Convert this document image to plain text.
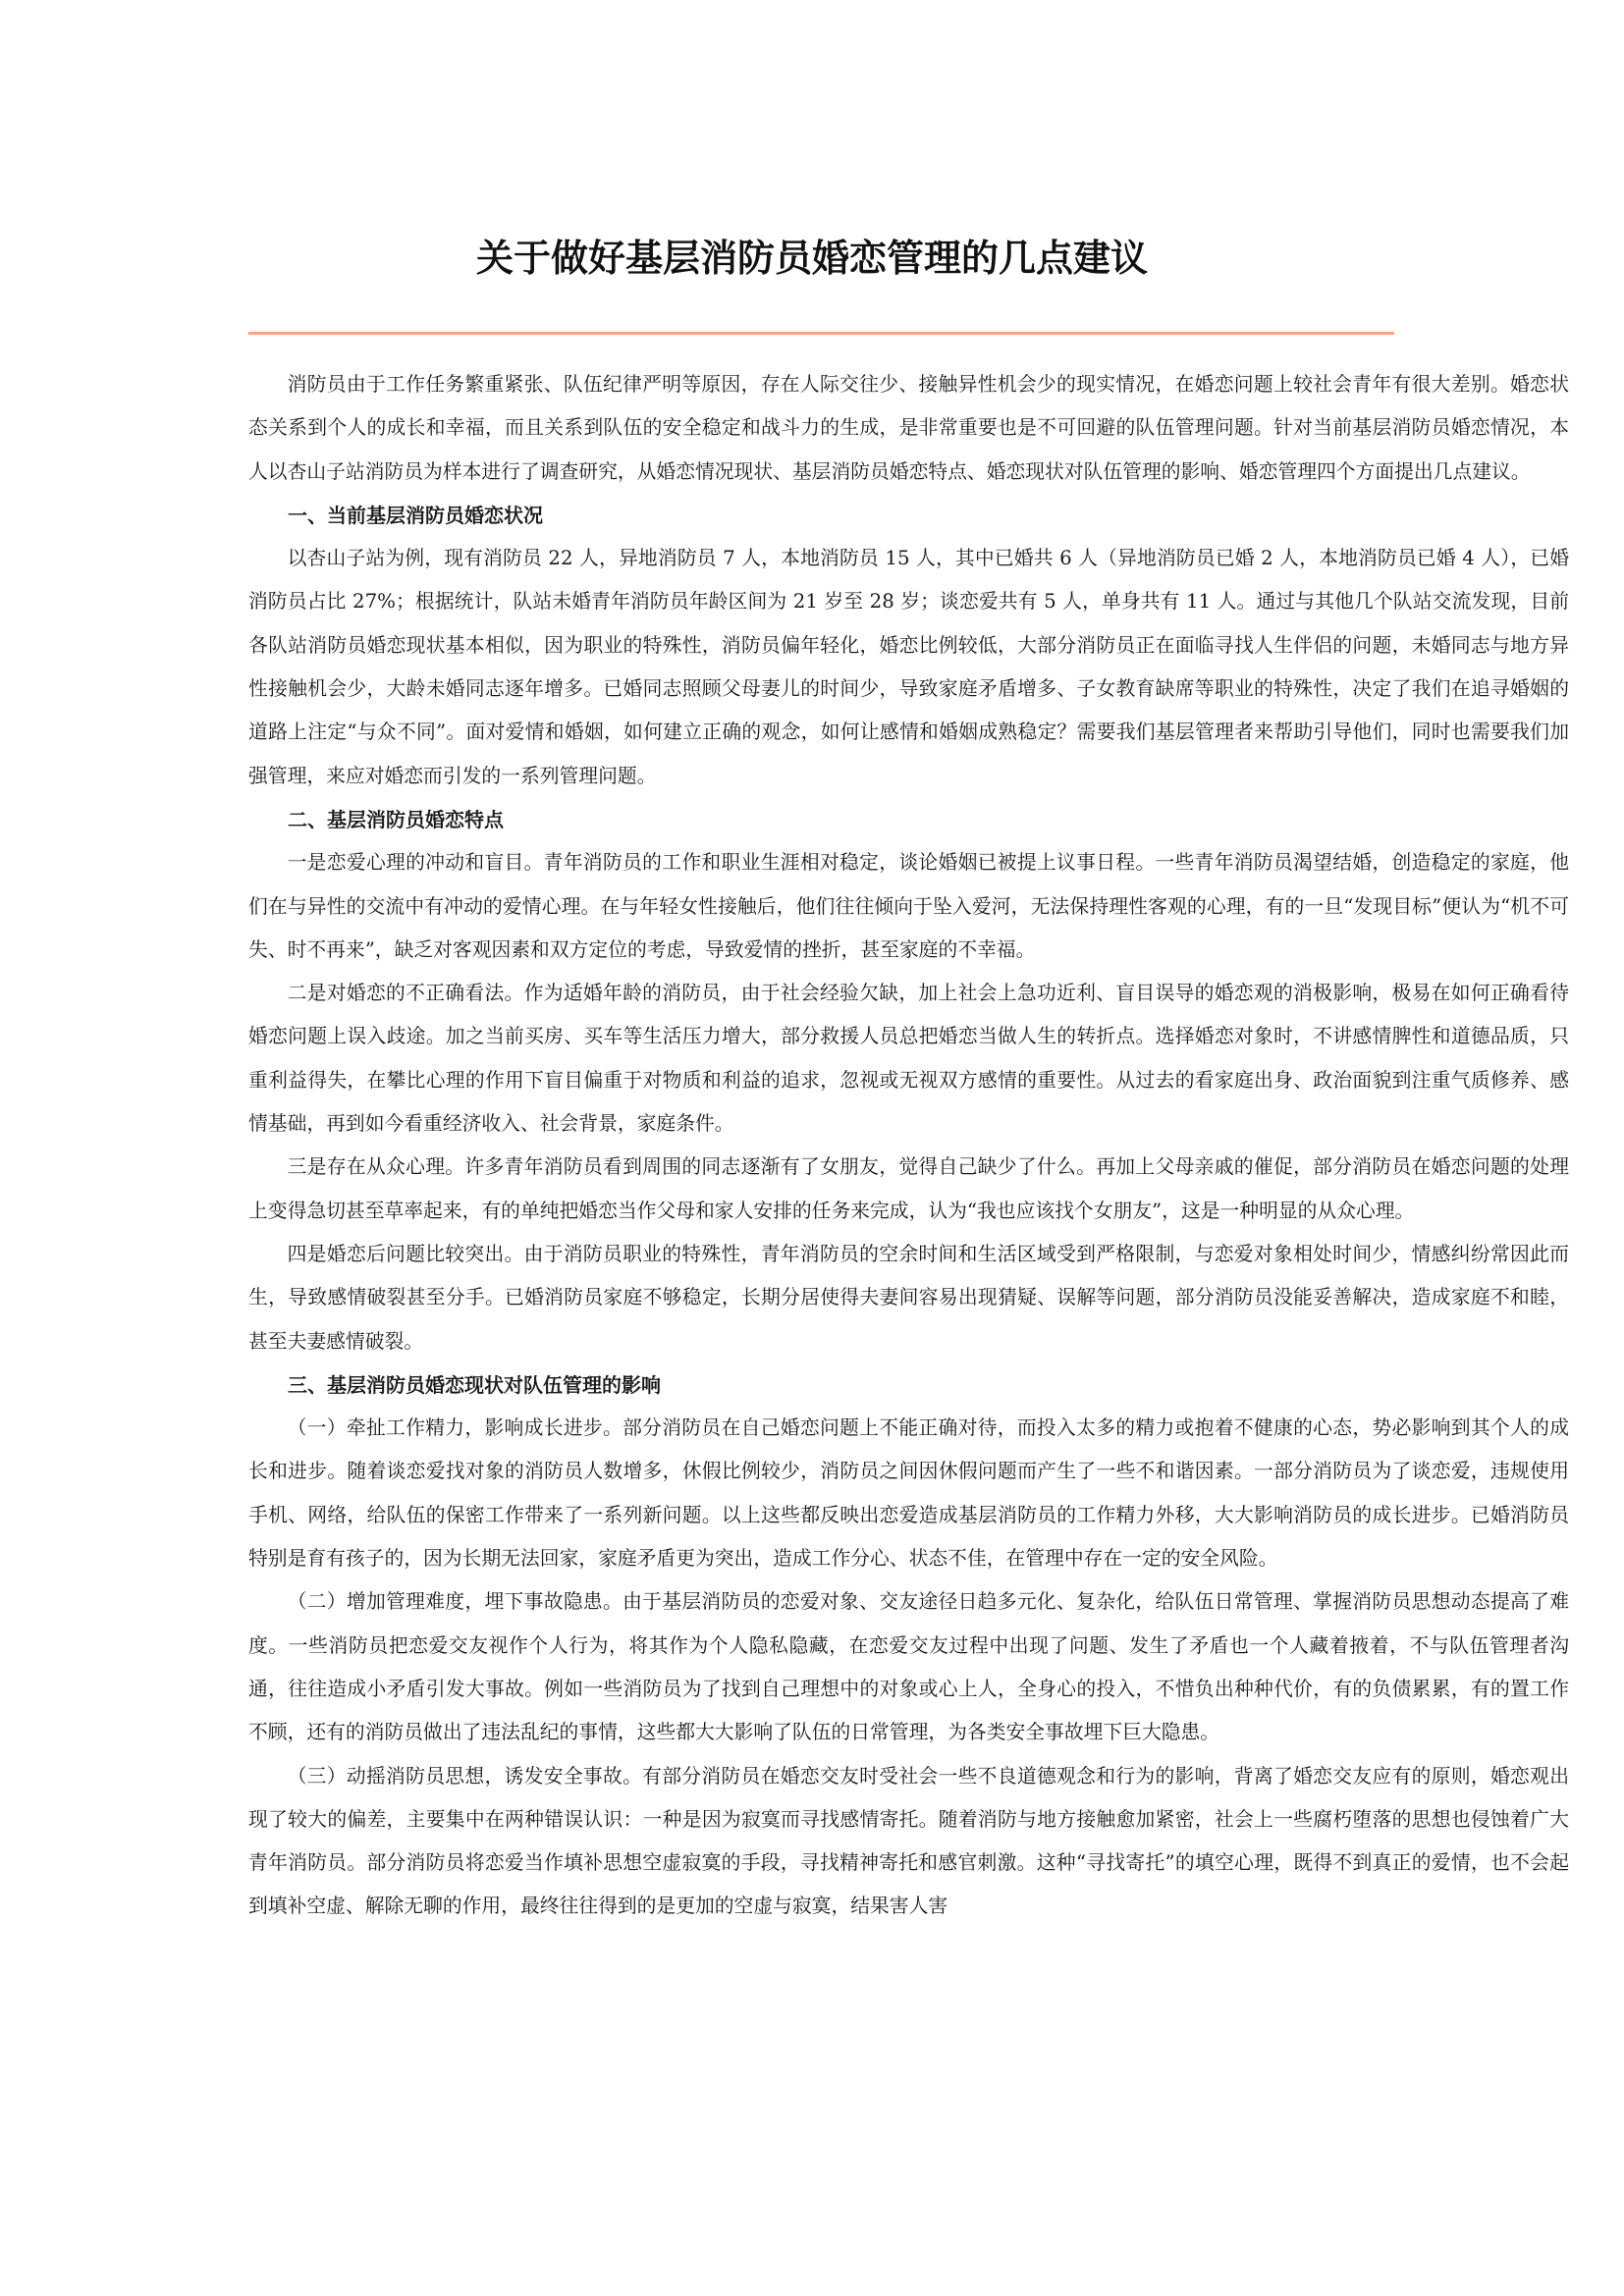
关于做好基层消防员婚恋管理的几点建议

消防员由于工作任务繁重紧张、队伍纪律严明等原因，存在人际交往少、接触异性机会少的现实情况，在婚恋问题上较社会青年有很大差别。婚恋状态关系到个人的成长和幸福，而且关系到队伍的安全稳定和战斗力的生成，是非常重要也是不可回避的队伍管理问题。针对当前基层消防员婚恋情况，本人以杏山子站消防员为样本进行了调查研究，从婚恋情况现状、基层消防员婚恋特点、婚恋现状对队伍管理的影响、婚恋管理四个方面提出几点建议。

一、当前基层消防员婚恋状况

以杏山子站为例，现有消防员 22 人，异地消防员 7 人，本地消防员 15 人，其中已婚共 6 人（异地消防员已婚 2 人，本地消防员已婚 4 人），已婚消防员占比 27%；根据统计，队站未婚青年消防员年龄区间为 21 岁至 28 岁；谈恋爱共有 5 人，单身共有 11 人。通过与其他几个队站交流发现，目前各队站消防员婚恋现状基本相似，因为职业的特殊性，消防员偏年轻化，婚恋比例较低，大部分消防员正在面临寻找人生伴侣的问题，未婚同志与地方异性接触机会少，大龄未婚同志逐年增多。已婚同志照顾父母妻儿的时间少，导致家庭矛盾增多、子女教育缺席等职业的特殊性，决定了我们在追寻婚姻的道路上注定“与众不同”。面对爱情和婚姻，如何建立正确的观念，如何让感情和婚姻成熟稳定？需要我们基层管理者来帮助引导他们，同时也需要我们加强管理，来应对婚恋而引发的一系列管理问题。

二、基层消防员婚恋特点

一是恋爱心理的冲动和盲目。青年消防员的工作和职业生涯相对稳定，谈论婚姻已被提上议事日程。一些青年消防员渴望结婚，创造稳定的家庭，他们在与异性的交流中有冲动的爱情心理。在与年轻女性接触后，他们往往倾向于坠入爱河，无法保持理性客观的心理，有的一旦“发现目标”便认为“机不可失、时不再来”，缺乏对客观因素和双方定位的考虑，导致爱情的挫折，甚至家庭的不幸福。

二是对婚恋的不正确看法。作为适婚年龄的消防员，由于社会经验欠缺，加上社会上急功近利、盲目误导的婚恋观的消极影响，极易在如何正确看待婚恋问题上误入歧途。加之当前买房、买车等生活压力增大，部分救援人员总把婚恋当做人生的转折点。选择婚恋对象时，不讲感情脾性和道德品质，只重利益得失，在攀比心理的作用下盲目偏重于对物质和利益的追求，忽视或无视双方感情的重要性。从过去的看家庭出身、政治面貌到注重气质修养、感情基础，再到如今看重经济收入、社会背景，家庭条件。

三是存在从众心理。许多青年消防员看到周围的同志逐渐有了女朋友，觉得自己缺少了什么。再加上父母亲戚的催促，部分消防员在婚恋问题的处理上变得急切甚至草率起来，有的单纯把婚恋当作父母和家人安排的任务来完成，认为“我也应该找个女朋友”，这是一种明显的从众心理。

四是婚恋后问题比较突出。由于消防员职业的特殊性，青年消防员的空余时间和生活区域受到严格限制，与恋爱对象相处时间少，情感纠纷常因此而生，导致感情破裂甚至分手。已婚消防员家庭不够稳定，长期分居使得夫妻间容易出现猜疑、误解等问题，部分消防员没能妥善解决，造成家庭不和睦，甚至夫妻感情破裂。

三、基层消防员婚恋现状对队伍管理的影响

（一）牵扯工作精力，影响成长进步。部分消防员在自己婚恋问题上不能正确对待，而投入太多的精力或抱着不健康的心态，势必影响到其个人的成长和进步。随着谈恋爱找对象的消防员人数增多，休假比例较少，消防员之间因休假问题而产生了一些不和谐因素。一部分消防员为了谈恋爱，违规使用手机、网络，给队伍的保密工作带来了一系列新问题。以上这些都反映出恋爱造成基层消防员的工作精力外移，大大影响消防员的成长进步。已婚消防员特别是育有孩子的，因为长期无法回家，家庭矛盾更为突出，造成工作分心、状态不佳，在管理中存在一定的安全风险。

（二）增加管理难度，埋下事故隐患。由于基层消防员的恋爱对象、交友途径日趋多元化、复杂化，给队伍日常管理、掌握消防员思想动态提高了难度。一些消防员把恋爱交友视作个人行为，将其作为个人隐私隐藏，在恋爱交友过程中出现了问题、发生了矛盾也一个人藏着掖着，不与队伍管理者沟通，往往造成小矛盾引发大事故。例如一些消防员为了找到自己理想中的对象或心上人，全身心的投入，不惜负出种种代价，有的负债累累，有的置工作不顾，还有的消防员做出了违法乱纪的事情，这些都大大影响了队伍的日常管理，为各类安全事故埋下巨大隐患。

（三）动摇消防员思想，诱发安全事故。有部分消防员在婚恋交友时受社会一些不良道德观念和行为的影响，背离了婚恋交友应有的原则，婚恋观出现了较大的偏差，主要集中在两种错误认识：一种是因为寂寞而寻找感情寄托。随着消防与地方接触愈加紧密，社会上一些腐朽堕落的思想也侵蚀着广大青年消防员。部分消防员将恋爱当作填补思想空虚寂寞的手段，寻找精神寄托和感官刺激。这种“寻找寄托”的填空心理，既得不到真正的爱情，也不会起到填补空虚、解除无聊的作用，最终往往得到的是更加的空虚与寂寞，结果害人害
